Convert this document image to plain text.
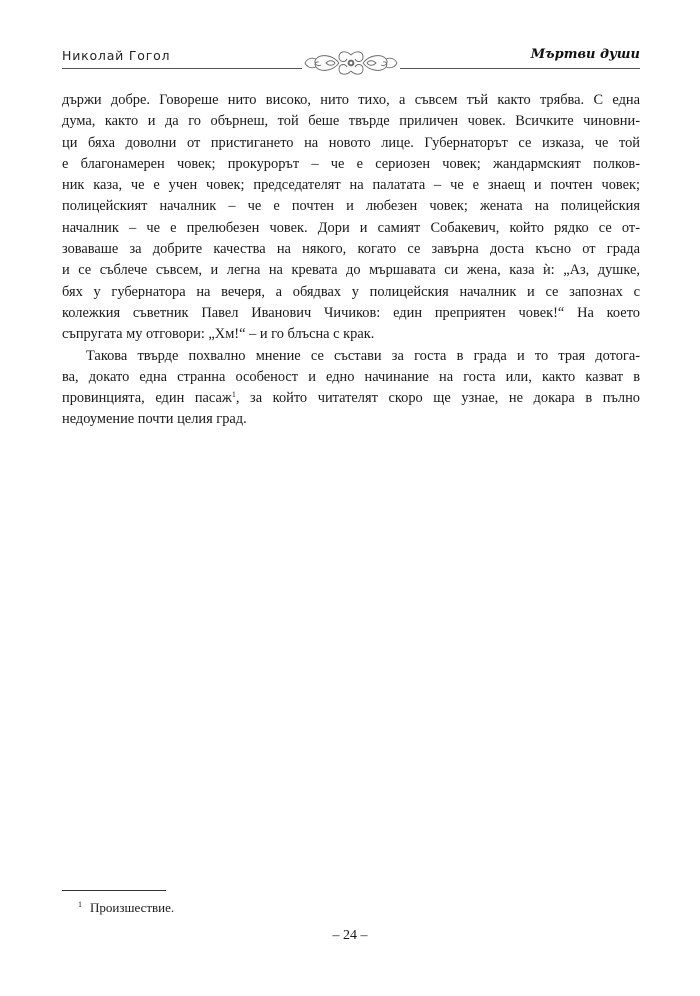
Николай Гогол	Мъртви души
държи добре. Говореше нито високо, нито тихо, а съвсем тъй както трябва. С една
дума, както и да го обърнеш, той беше твърде приличен човек. Всичките чиновни-
ци бяха доволни от пристигането на новото лице. Губернаторът се изказа, че той
е благонамерен човек; прокурорът – че е сериозен човек; жандармският полков-
ник каза, че е учен човек; председателят на палатата – че е знаещ и почтен човек;
полицейският началник – че е почтен и любезен човек; жената на полицейския
началник – че е прелюбезен човек. Дори и самият Собакевич, който рядко се от-
зоваваше за добрите качества на някого, когато се завърна доста късно от града
и се съблече съвсем, и легна на кревата до мършавата си жена, каза ѝ: „Аз, душке,
бях у губернатора на вечеря, а обядвах у полицейския началник и се запознах с
колежкия съветник Павел Иванович Чичиков: един преприятен човек!“ На което
съпругата му отговори: „Хм!“ – и го блъсна с крак.
Такова твърде похвално мнение се състави за госта в града и то трая дотога-
ва, докато една странна особеност и едно начинание на госта или, както казват в
провинцията, един пасаж$^1$, за който читателят скоро ще узнае, не докара в пълно
недоумение почти целия град.
$^1$ Произшествие.
– 24 –
